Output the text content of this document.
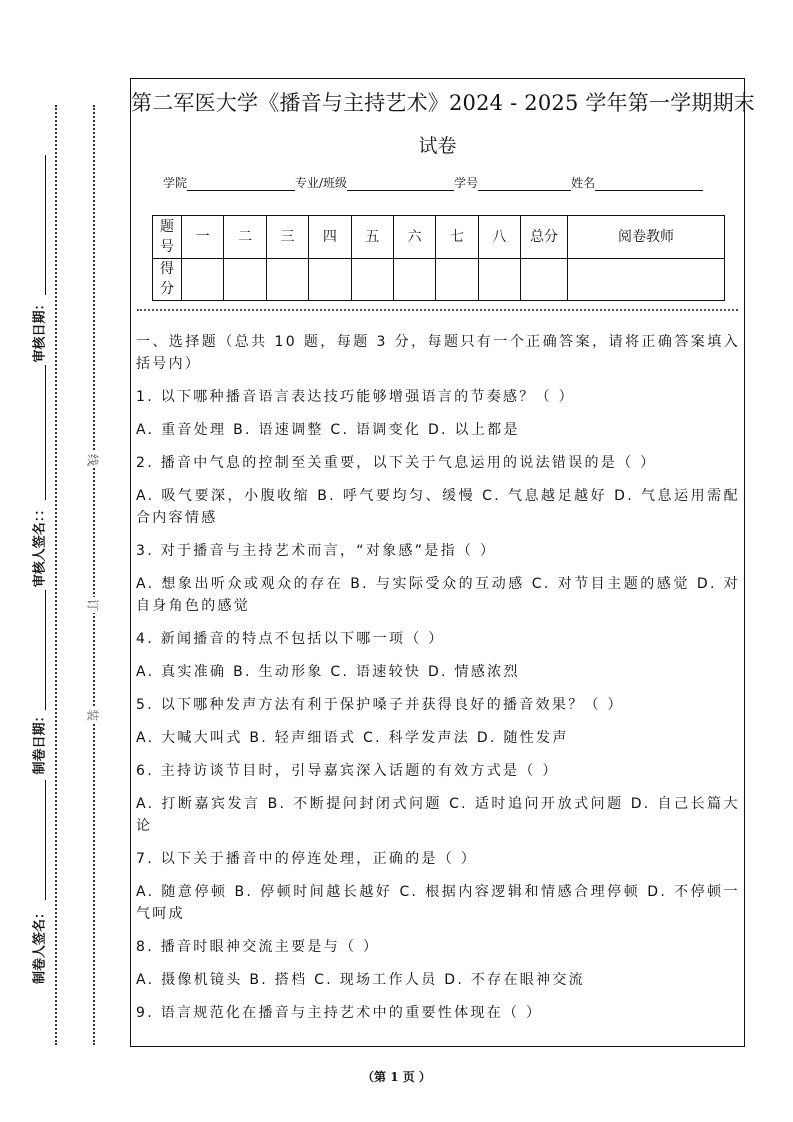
审核日期：
审核人签名：：
制卷日期：
制卷人签名：
线
订
装
第二军医大学《播音与主持艺术》2024 - 2025 学年第一学期期末
试卷
学院	专业/班级	学号	姓名
题号	一	二	三	四	五	六	七	八	总分	阅卷教师
得分										

一、选择题（总共 10 题，每题 3 分，每题只有一个正确答案，请将正确答案填入括号内）

1. 以下哪种播音语言表达技巧能够增强语言的节奏感？（ ）

A. 重音处理 B. 语速调整 C. 语调变化 D. 以上都是

2. 播音中气息的控制至关重要，以下关于气息运用的说法错误的是（ ）

A. 吸气要深，小腹收缩 B. 呼气要均匀、缓慢 C. 气息越足越好 D. 气息运用需配合内容情感

3. 对于播音与主持艺术而言，“对象感”是指（ ）

A. 想象出听众或观众的存在 B. 与实际受众的互动感 C. 对节目主题的感觉 D. 对自身角色的感觉

4. 新闻播音的特点不包括以下哪一项（ ）

A. 真实准确 B. 生动形象 C. 语速较快 D. 情感浓烈

5. 以下哪种发声方法有利于保护嗓子并获得良好的播音效果？（ ）

A. 大喊大叫式 B. 轻声细语式 C. 科学发声法 D. 随性发声

6. 主持访谈节目时，引导嘉宾深入话题的有效方式是（ ）

A. 打断嘉宾发言 B. 不断提问封闭式问题 C. 适时追问开放式问题 D. 自己长篇大论

7. 以下关于播音中的停连处理，正确的是（ ）

A. 随意停顿 B. 停顿时间越长越好 C. 根据内容逻辑和情感合理停顿 D. 不停顿一气呵成

8. 播音时眼神交流主要是与（ ）

A. 摄像机镜头 B. 搭档 C. 现场工作人员 D. 不存在眼神交流

9. 语言规范化在播音与主持艺术中的重要性体现在（ ）

（第 1 页 ）
